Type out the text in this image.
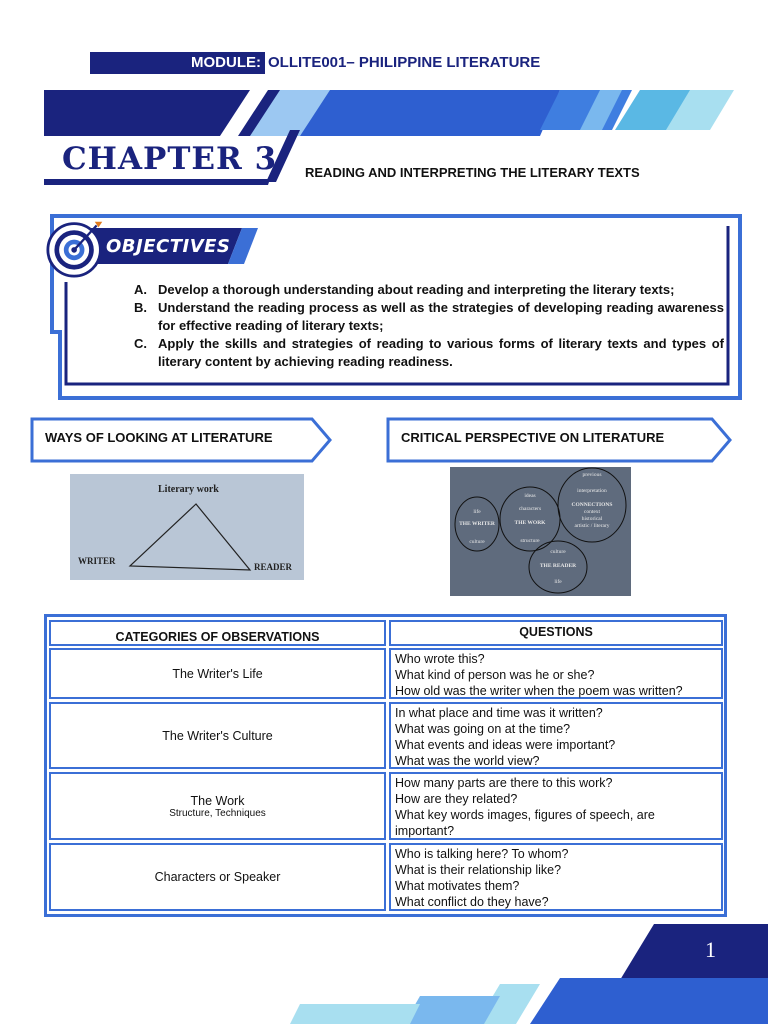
MODULE: OLLITE001– PHILIPPINE LITERATURE
CHAPTER 3 READING AND INTERPRETING THE LITERARY TEXTS
OBJECTIVES
A. Develop a thorough understanding about reading and interpreting the literary texts;
B. Understand the reading process as well as the strategies of developing reading awareness for effective reading of literary texts;
C. Apply the skills and strategies of reading to various forms of literary texts and types of literary content by achieving reading readiness.
WAYS OF LOOKING AT LITERATURE	CRITICAL PERSPECTIVE ON LITERATURE
Literary work
WRITER
READER
life
THE WRITER
culture
ideas
characters
THE WORK
structure
previous
interpretation
CONNECTIONS
context
historical
artistic / literary
culture
THE READER
life
CATEGORIES OF OBSERVATIONS	QUESTIONS
The Writer's Life
Who wrote this?
What kind of person was he or she?
How old was the writer when the poem was written?
The Writer's Culture
In what place and time was it written?
What was going on at the time?
What events and ideas were important?
What was the world view?
The Work
Structure, Techniques
How many parts are there to this work?
How are they related?
What key words images, figures of speech, are important?
Characters or Speaker
Who is talking here? To whom?
What is their relationship like?
What motivates them?
What conflict do they have?
1
